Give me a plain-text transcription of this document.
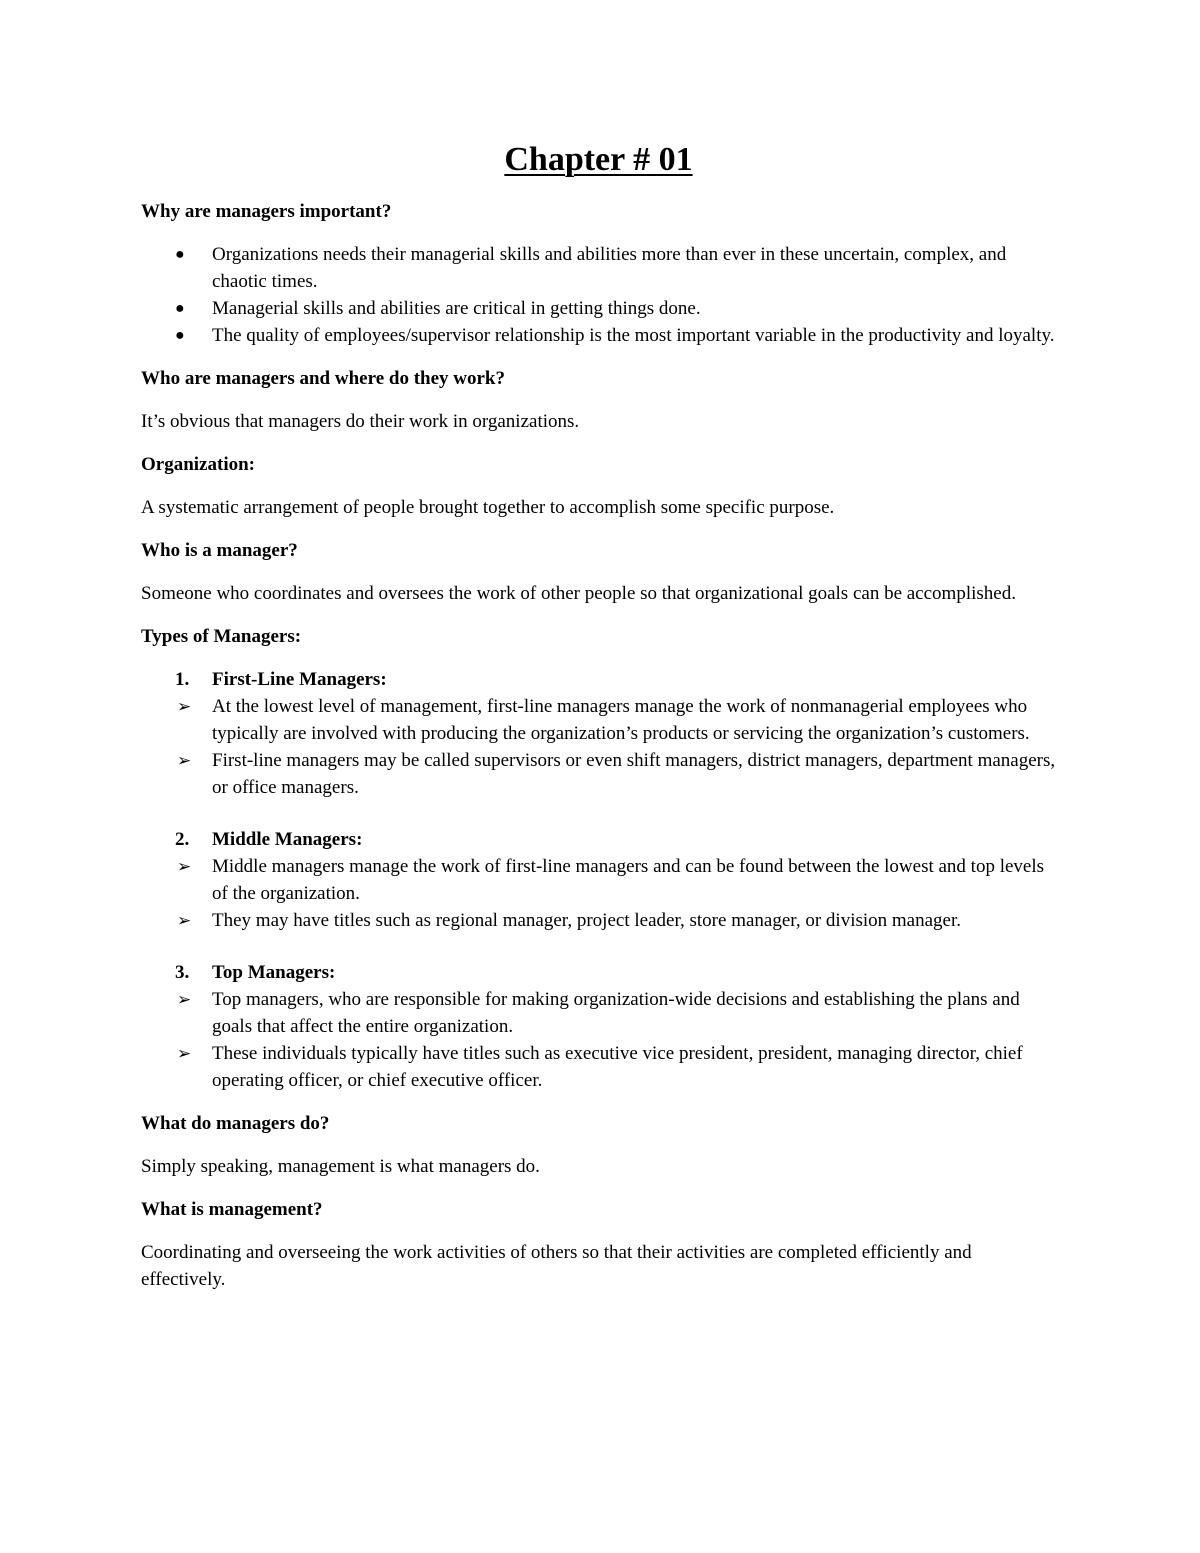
Chapter # 01
Why are managers important?
● Organizations needs their managerial skills and abilities more than ever in these uncertain, complex, and chaotic times.
● Managerial skills and abilities are critical in getting things done.
● The quality of employees/supervisor relationship is the most important variable in the productivity and loyalty.
Who are managers and where do they work?

It’s obvious that managers do their work in organizations.

Organization:

A systematic arrangement of people brought together to accomplish some specific purpose.

Who is a manager?

Someone who coordinates and oversees the work of other people so that organizational goals can be accomplished.

Types of Managers:
1. First-Line Managers:
➢ At the lowest level of management, first-line managers manage the work of nonmanagerial employees who typically are involved with producing the organization’s products or servicing the organization’s customers.
➢ First-line managers may be called supervisors or even shift managers, district managers, department managers, or office managers.
2. Middle Managers:
➢ Middle managers manage the work of first-line managers and can be found between the lowest and top levels of the organization.
➢ They may have titles such as regional manager, project leader, store manager, or division manager.
3. Top Managers:
➢ Top managers, who are responsible for making organization-wide decisions and establishing the plans and goals that affect the entire organization.
➢ These individuals typically have titles such as executive vice president, president, managing director, chief operating officer, or chief executive officer.
What do managers do?

Simply speaking, management is what managers do.

What is management?

Coordinating and overseeing the work activities of others so that their activities are completed efficiently and effectively.
